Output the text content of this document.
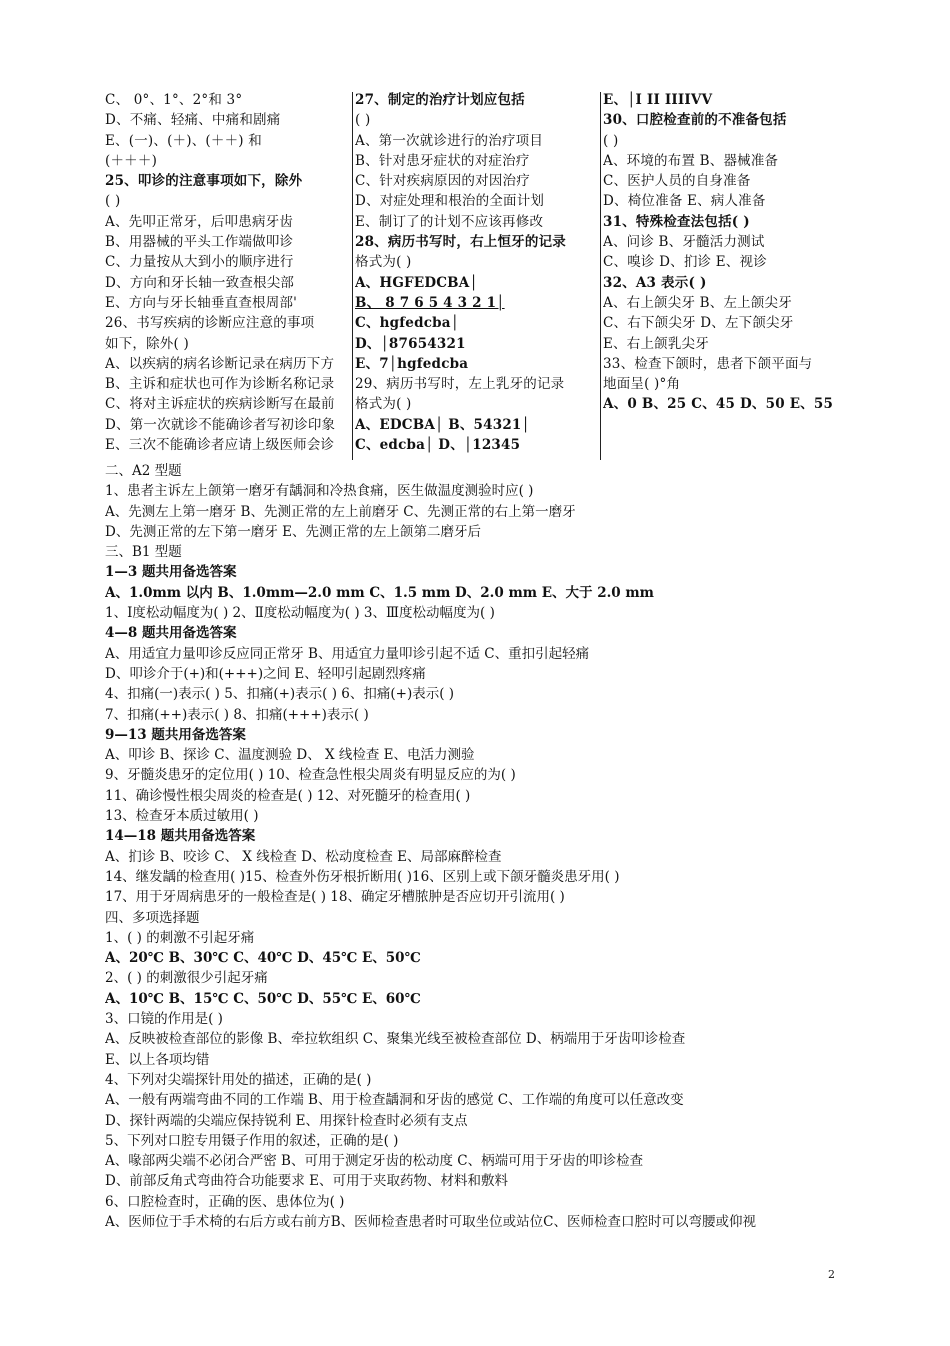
C、 0°、1°、2°和 3°
D、不痛、轻痛、中痛和剧痛
E、(一)、(＋)、(＋＋) 和
(＋＋＋)
25、叩诊的注意事项如下，除外
( )
A、先叩正常牙，后叩患病牙齿
B、用器械的平头工作端做叩诊
C、力量按从大到小的顺序进行
D、方向和牙长轴一致查根尖部
E、方向与牙长轴垂直查根周部'
26、书写疾病的诊断应注意的事项
如下，除外( )
A、以疾病的病名诊断记录在病历下方
B、主诉和症状也可作为诊断名称记录
C、将对主诉症状的疾病诊断写在最前
D、第一次就诊不能确诊者写初诊印象
E、三次不能确诊者应请上级医师会诊
27、制定的治疗计划应包括
( )
A、第一次就诊进行的治疗项目
B、针对患牙症状的对症治疗
C、针对疾病原因的对因治疗
D、对症处理和根治的全面计划
E、制订了的计划不应该再修改
28、病历书写时，右上恒牙的记录
格式为( )
A、HGFEDCBA│
B、 8 7 6 5 4 3 2 1│
C、hgfedcba│
D、│87654321
E、7│hgfedcba
29、病历书写时，左上乳牙的记录
格式为( )
A、EDCBA│ B、54321│
C、edcba│ D、│12345
E、│I II IIIIVV
30、口腔检查前的不准备包括
( )
A、环境的布置 B、器械准备
C、医护人员的自身准备
D、椅位准备 E、病人准备
31、特殊检查法包括( )
A、问诊 B、牙髓活力测试
C、嗅诊 D、扪诊 E、视诊
32、A3 表示( )
A、右上颌尖牙 B、左上颌尖牙
C、右下颌尖牙 D、左下颌尖牙
E、右上颌乳尖牙
33、检查下颌时，患者下颌平面与
地面呈( )°角
A、0 B、25 C、45 D、50 E、55
二、A2 型题
1、患者主诉左上颌第一磨牙有龋洞和冷热食痛，医生做温度测验时应( )
A、先测左上第一磨牙 B、先测正常的左上前磨牙 C、先测正常的右上第一磨牙
D、先测正常的左下第一磨牙 E、先测正常的左上颌第二磨牙后
三、B1 型题
1—3 题共用备选答案
A、1.0mm 以内 B、1.0mm—2.0 mm C、1.5 mm D、2.0 mm E、大于 2.0 mm
1、Ⅰ度松动幅度为( ) 2、Ⅱ度松动幅度为( ) 3、Ⅲ度松动幅度为( )
4—8 题共用备选答案
A、用适宜力量叩诊反应同正常牙 B、用适宜力量叩诊引起不适 C、重扣引起轻痛
D、叩诊介于(+)和(+++)之间 E、轻叩引起剧烈疼痛
4、扣痛(一)表示( ) 5、扣痛(+)表示( ) 6、扣痛(+)表示( )
7、扣痛(++)表示( ) 8、扣痛(+++)表示( )
9—13 题共用备选答案
A、叩诊 B、探诊 C、温度测验 D、 X 线检查 E、电活力测验
9、牙髓炎患牙的定位用( ) 10、检查急性根尖周炎有明显反应的为( )
11、确诊慢性根尖周炎的检查是( ) 12、对死髓牙的检查用( )
13、检查牙本质过敏用( )
14—18 题共用备选答案
A、扪诊 B、咬诊 C、 X 线检查 D、松动度检查 E、局部麻醉检查
14、继发龋的检查用( )15、检查外伤牙根折断用( )16、区别上或下颌牙髓炎患牙用( )
17、用于牙周病患牙的一般检查是( ) 18、确定牙槽脓肿是否应切开引流用( )
四、多项选择题
1、( ) 的刺激不引起牙痛
A、20℃ B、30℃ C、40℃ D、45℃ E、50℃
2、( ) 的刺激很少引起牙痛
A、10℃ B、15℃ C、50℃ D、55℃ E、60℃
3、口镜的作用是( )
A、反映被检查部位的影像 B、牵拉软组织 C、聚集光线至被检查部位 D、柄端用于牙齿叩诊检查
E、以上各项均错
4、下列对尖端探针用处的描述，正确的是( )
A、一般有两端弯曲不同的工作端 B、用于检查龋洞和牙齿的感觉 C、工作端的角度可以任意改变
D、探针两端的尖端应保持锐利 E、用探针检查时必须有支点
5、下列对口腔专用镊子作用的叙述，正确的是( )
A、喙部两尖端不必闭合严密 B、可用于测定牙齿的松动度 C、柄端可用于牙齿的叩诊检查
D、前部反角式弯曲符合功能要求 E、可用于夹取药物、材料和敷料
6、口腔检查时，正确的医、患体位为( )
A、医师位于手术椅的右后方或右前方B、医师检查患者时可取坐位或站位C、医师检查口腔时可以弯腰或仰视
2
